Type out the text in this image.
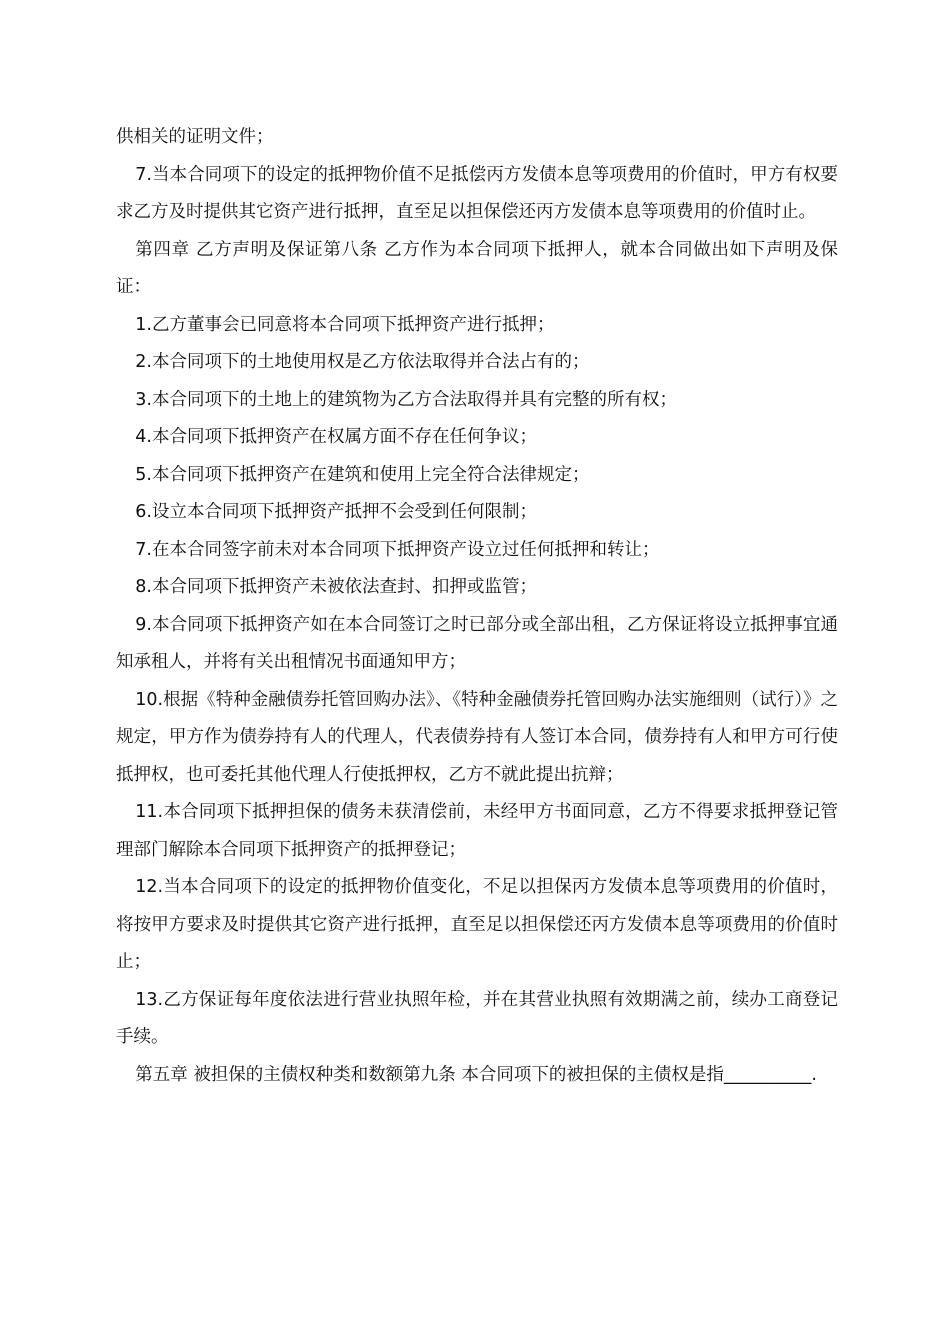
供相关的证明文件；

7.当本合同项下的设定的抵押物价值不足抵偿丙方发债本息等项费用的价值时，甲方有权要求乙方及时提供其它资产进行抵押，直至足以担保偿还丙方发债本息等项费用的价值时止。

第四章 乙方声明及保证第八条 乙方作为本合同项下抵押人，就本合同做出如下声明及保证：

1.乙方董事会已同意将本合同项下抵押资产进行抵押；

2.本合同项下的土地使用权是乙方依法取得并合法占有的；

3.本合同项下的土地上的建筑物为乙方合法取得并具有完整的所有权；

4.本合同项下抵押资产在权属方面不存在任何争议；

5.本合同项下抵押资产在建筑和使用上完全符合法律规定；

6.设立本合同项下抵押资产抵押不会受到任何限制；

7.在本合同签字前未对本合同项下抵押资产设立过任何抵押和转让；

8.本合同项下抵押资产未被依法查封、扣押或监管；

9.本合同项下抵押资产如在本合同签订之时已部分或全部出租，乙方保证将设立抵押事宜通知承租人，并将有关出租情况书面通知甲方；

10.根据《特种金融债券托管回购办法》、《特种金融债券托管回购办法实施细则（试行）》之规定，甲方作为债券持有人的代理人，代表债券持有人签订本合同，债券持有人和甲方可行使抵押权，也可委托其他代理人行使抵押权，乙方不就此提出抗辩；

11.本合同项下抵押担保的债务未获清偿前，未经甲方书面同意，乙方不得要求抵押登记管理部门解除本合同项下抵押资产的抵押登记；

12.当本合同项下的设定的抵押物价值变化，不足以担保丙方发债本息等项费用的价值时，将按甲方要求及时提供其它资产进行抵押，直至足以担保偿还丙方发债本息等项费用的价值时止；

13.乙方保证每年度依法进行营业执照年检，并在其营业执照有效期满之前，续办工商登记手续。

第五章 被担保的主债权种类和数额第九条 本合同项下的被担保的主债权是指__________.
